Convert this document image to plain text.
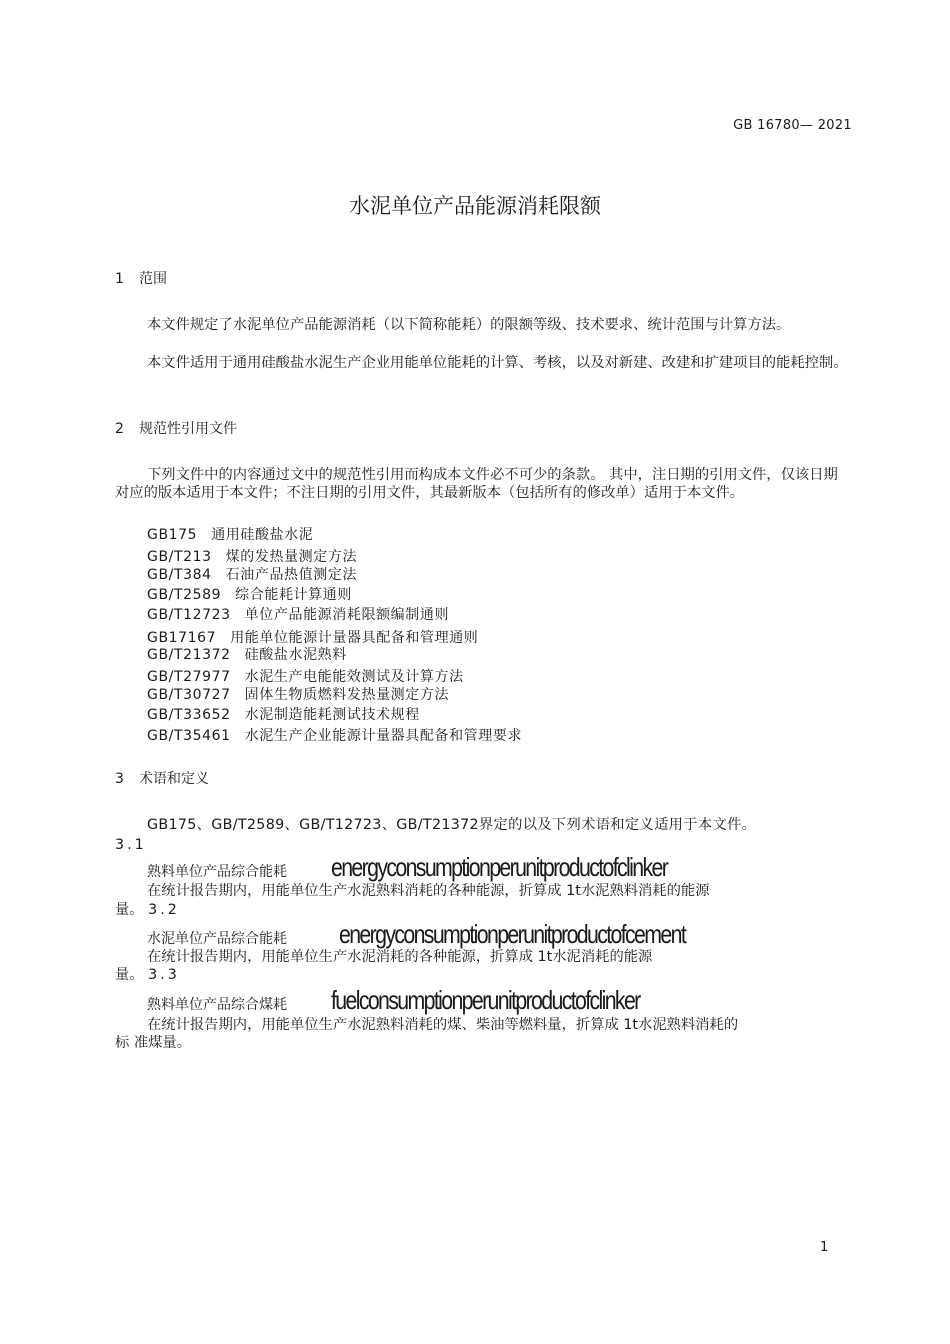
GB 16780— 2021
水泥单位产品能源消耗限额
1 范围
本文件规定了水泥单位产品能源消耗（以下简称能耗）的限额等级、技术要求、统计范围与计算方法。
本文件适用于通用硅酸盐水泥生产企业用能单位能耗的计算、考核，以及对新建、改建和扩建项目的能耗控制。
2 规范性引用文件
下列文件中的内容通过文中的规范性引用而构成本文件必不可少的条款。 其中，注日期的引用文件，仅该日期对应的版本适用于本文件；不注日期的引用文件，其最新版本（包括所有的修改单）适用于本文件。
GB175 通用硅酸盐水泥
GB/T213 煤的发热量测定方法
GB/T384 石油产品热值测定法
GB/T2589 综合能耗计算通则
GB/T12723 单位产品能源消耗限额编制通则
GB17167 用能单位能源计量器具配备和管理通则
GB/T21372 硅酸盐水泥熟料
GB/T27977 水泥生产电能能效测试及计算方法
GB/T30727 固体生物质燃料发热量测定方法
GB/T33652 水泥制造能耗测试技术规程
GB/T35461 水泥生产企业能源计量器具配备和管理要求
3 术语和定义
GB175、GB/T2589、GB/T12723、GB/T21372界定的以及下列术语和定义适用于本文件。
3.1
熟料单位产品综合能耗 energyconsumptionperunitproductofclinker
在统计报告期内，用能单位生产水泥熟料消耗的各种能源，折算成 1t水泥熟料消耗的能源
量。 3.2
水泥单位产品综合能耗 energyconsumptionperunitproductofcement
在统计报告期内，用能单位生产水泥消耗的各种能源，折算成 1t水泥消耗的能源
量。 3.3
熟料单位产品综合煤耗 fuelconsumptionperunitproductofclinker
在统计报告期内，用能单位生产水泥熟料消耗的煤、柴油等燃料量，折算成 1t水泥熟料消耗的
标 准煤量。
1
